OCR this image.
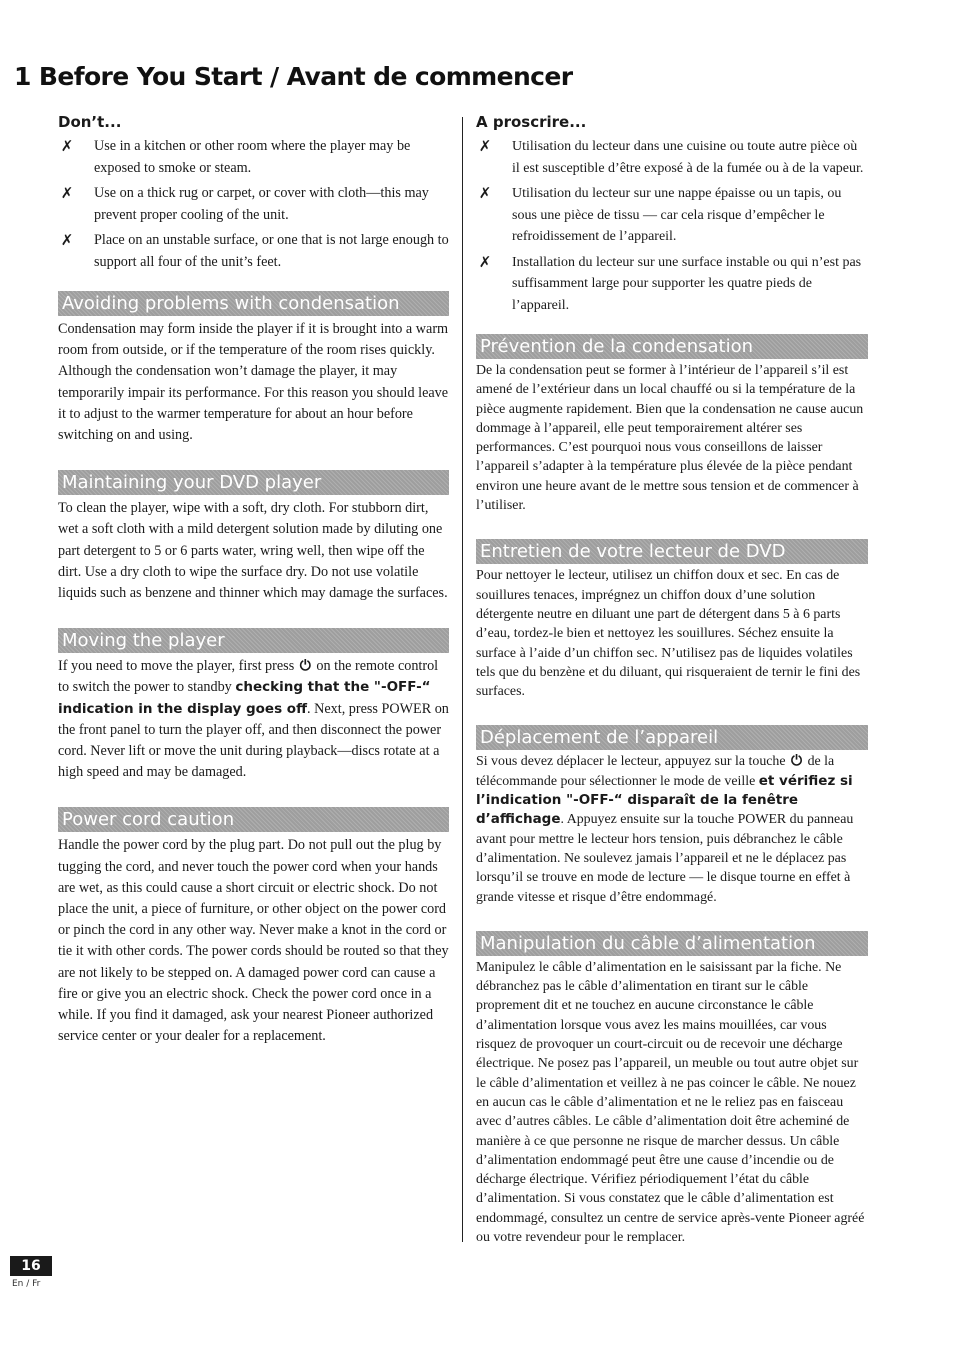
1 Before You Start / Avant de commencer
Don’t...
✗ Use in a kitchen or other room where the player may be exposed to smoke or steam.
✗ Use on a thick rug or carpet, or cover with cloth—this may prevent proper cooling of the unit.
✗ Place on an unstable surface, or one that is not large enough to support all four of the unit’s feet.
Avoiding problems with condensation

Condensation may form inside the player if it is brought into a warm room from outside, or if the temperature of the room rises quickly. Although the condensation won’t damage the player, it may temporarily impair its performance. For this reason you should leave it to adjust to the warmer temperature for about an hour before switching on and using.

Maintaining your DVD player

To clean the player, wipe with a soft, dry cloth. For stubborn dirt, wet a soft cloth with a mild detergent solution made by diluting one part detergent to 5 or 6 parts water, wring well, then wipe off the dirt. Use a dry cloth to wipe the surface dry. Do not use volatile liquids such as benzene and thinner which may damage the surfaces.

Moving the player

If you need to move the player, first press ⏻ on the remote control to switch the power to standby checking that the "-OFF-“ indication in the display goes off. Next, press POWER on the front panel to turn the player off, and then disconnect the power cord. Never lift or move the unit during playback—discs rotate at a high speed and may be damaged.

Power cord caution

Handle the power cord by the plug part. Do not pull out the plug by tugging the cord, and never touch the power cord when your hands are wet, as this could cause a short circuit or electric shock. Do not place the unit, a piece of furniture, or other object on the power cord or pinch the cord in any other way. Never make a knot in the cord or tie it with other cords. The power cords should be routed so that they are not likely to be stepped on. A damaged power cord can cause a fire or give you an electric shock. Check the power cord once in a while. If you find it damaged, ask your nearest Pioneer authorized service center or your dealer for a replacement.

A proscrire...
✗ Utilisation du lecteur dans une cuisine ou toute autre pièce où il est susceptible d’être exposé à de la fumée ou à de la vapeur.
✗ Utilisation du lecteur sur une nappe épaisse ou un tapis, ou sous une pièce de tissu — car cela risque d’empêcher le refroidissement de l’appareil.
✗ Installation du lecteur sur une surface instable ou qui n’est pas suffisamment large pour supporter les quatre pieds de l’appareil.
Prévention de la condensation

De la condensation peut se former à l’intérieur de l’appareil s’il est amené de l’extérieur dans un local chauffé ou si la température de la pièce augmente rapidement. Bien que la condensation ne cause aucun dommage à l’appareil, elle peut temporairement altérer ses performances. C’est pourquoi nous vous conseillons de laisser l’appareil s’adapter à la température plus élevée de la pièce pendant environ une heure avant de le mettre sous tension et de commencer à l’utiliser.

Entretien de votre lecteur de DVD

Pour nettoyer le lecteur, utilisez un chiffon doux et sec. En cas de souillures tenaces, imprégnez un chiffon doux d’une solution détergente neutre en diluant une part de détergent dans 5 à 6 parts d’eau, tordez-le bien et nettoyez les souillures. Séchez ensuite la surface à l’aide d’un chiffon sec. N’utilisez pas de liquides volatiles tels que du benzène et du diluant, qui risqueraient de ternir le fini des surfaces.

Déplacement de l’appareil

Si vous devez déplacer le lecteur, appuyez sur la touche ⏻ de la télécommande pour sélectionner le mode de veille et vérifiez si l’indication "-OFF-“ disparaît de la fenêtre d’affichage. Appuyez ensuite sur la touche POWER du panneau avant pour mettre le lecteur hors tension, puis débranchez le câble d’alimentation. Ne soulevez jamais l’appareil et ne le déplacez pas lorsqu’il se trouve en mode de lecture — le disque tourne en effet à grande vitesse et risque d’être endommagé.

Manipulation du câble d’alimentation

Manipulez le câble d’alimentation en le saisissant par la fiche. Ne débranchez pas le câble d’alimentation en tirant sur le câble proprement dit et ne touchez en aucune circonstance le câble d’alimentation lorsque vous avez les mains mouillées, car vous risquez de provoquer un court-circuit ou de recevoir une décharge électrique. Ne posez pas l’appareil, un meuble ou tout autre objet sur le câble d’alimentation et veillez à ne pas coincer le câble. Ne nouez en aucun cas le câble d’alimentation et ne le reliez pas en faisceau avec d’autres câbles. Le câble d’alimentation doit être acheminé de manière à ce que personne ne risque de marcher dessus. Un câble d’alimentation endommagé peut être une cause d’incendie ou de décharge électrique. Vérifiez périodiquement l’état du câble d’alimentation. Si vous constatez que le câble d’alimentation est endommagé, consultez un centre de service après-vente Pioneer agréé ou votre revendeur pour le remplacer.

16
En / Fr
